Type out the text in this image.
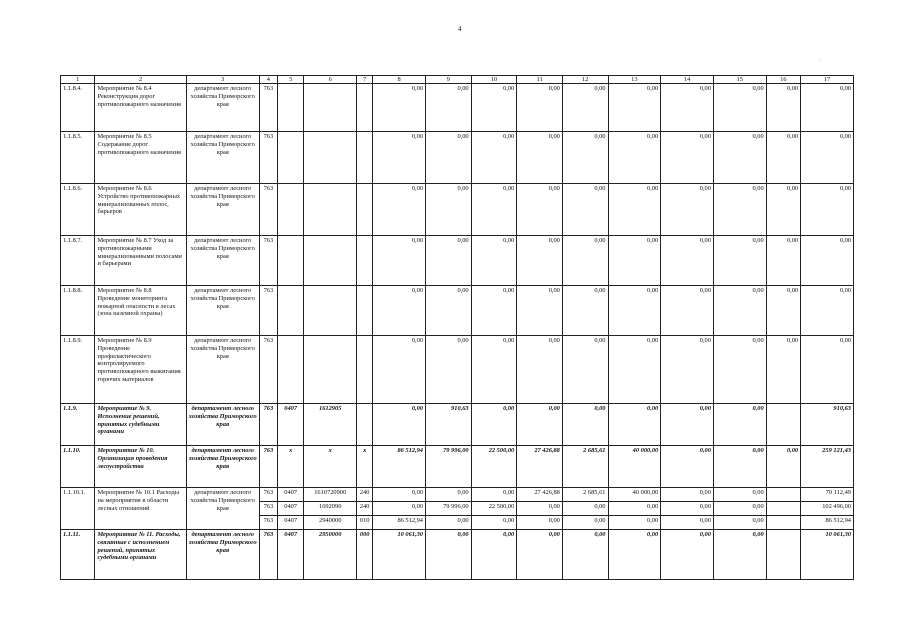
4
.
1	2	3	4	5	6	7	8	9	10	11	12	13	14	15	16	17
1.1.8.4.	Мероприятие № 8.4 Реконструкция дорог противопожарного назначения	департамент лесного хозяйства Приморского края	763				0,00	0,00	0,00	0,00	0,00	0,00	0,00	0,00	0,00	0,00
1.1.8.5.	Мероприятие № 8.5 Содержание дорог противопожарного назначения	департамент лесного хозяйства Приморского края	763				0,00	0,00	0,00	0,00	0,00	0,00	0,00	0,00	0,00	0,00
1.1.8.6.	Мероприятие № 8.6 Устройство противопожарных минерализованных полос, барьеров	департамент лесного хозяйства Приморского края	763				0,00	0,00	0,00	0,00	0,00	0,00	0,00	0,00	0,00	0,00
1.1.8.7.	Мероприятие № 8.7 Уход за противопожарными минерализованными полосами и барьерами	департамент лесного хозяйства Приморского края	763				0,00	0,00	0,00	0,00	0,00	0,00	0,00	0,00	0,00	0,00
1.1.8.8.	Мероприятие № 8.8 Проведение мониторинга пожарной опасности в лесах (зона наземной охраны)	департамент лесного хозяйства Приморского края	763				0,00	0,00	0,00	0,00	0,00	0,00	0,00	0,00	0,00	0,00
1.1.8.9.	Мероприятие № 8.9 Проведение профилактического контролируемого противопожарного выжигания горючих материалов	департамент лесного хозяйства Приморского края	763				0,00	0,00	0,00	0,00	0,00	0,00	0,00	0,00	0,00	0,00
1.1.9.	Мероприятие № 9. Исполнение решений, принятых судебными органами	департамент лесного хозяйства Приморского края	763	0407	1612905		0,00	910,63	0,00	0,00	0,00	0,00	0,00	0,00		910,63
1.1.10.	Мероприятие № 10. Организация проведения лесоустройства	департамент лесного хозяйства Приморского края	763	х	х	х	86 512,94	79 996,00	22 500,00	27 426,88	2 685,61	40 000,00	0,00	0,00	0,00	259 121,43
1.1.10.1.	Мероприятие № 10.1 Расходы на мероприятия в области лесных отношений	департамент лесного хозяйства Приморского края	763	0407	1610720900	240	0,00	0,00	0,00	27 426,88	2 685,61	40 000,00	0,00	0,00		70 112,49
			763	0407	1692090	240	0,00	79 996,00	22 500,00	0,00	0,00	0,00	0,00	0,00		102 496,00
			763	0407	2940000	010	86 512,94	0,00	0,00	0,00	0,00	0,00	0,00	0,00		86 512,94
1.1.11.	Мероприятие № 11. Расходы, связанные с исполнением решений, принятых судебными органами	департамент лесного хозяйства Приморского края	763	0407	2950000	000	10 061,30	0,00	0,00	0,00	0,00	0,00	0,00	0,00		10 061,30
